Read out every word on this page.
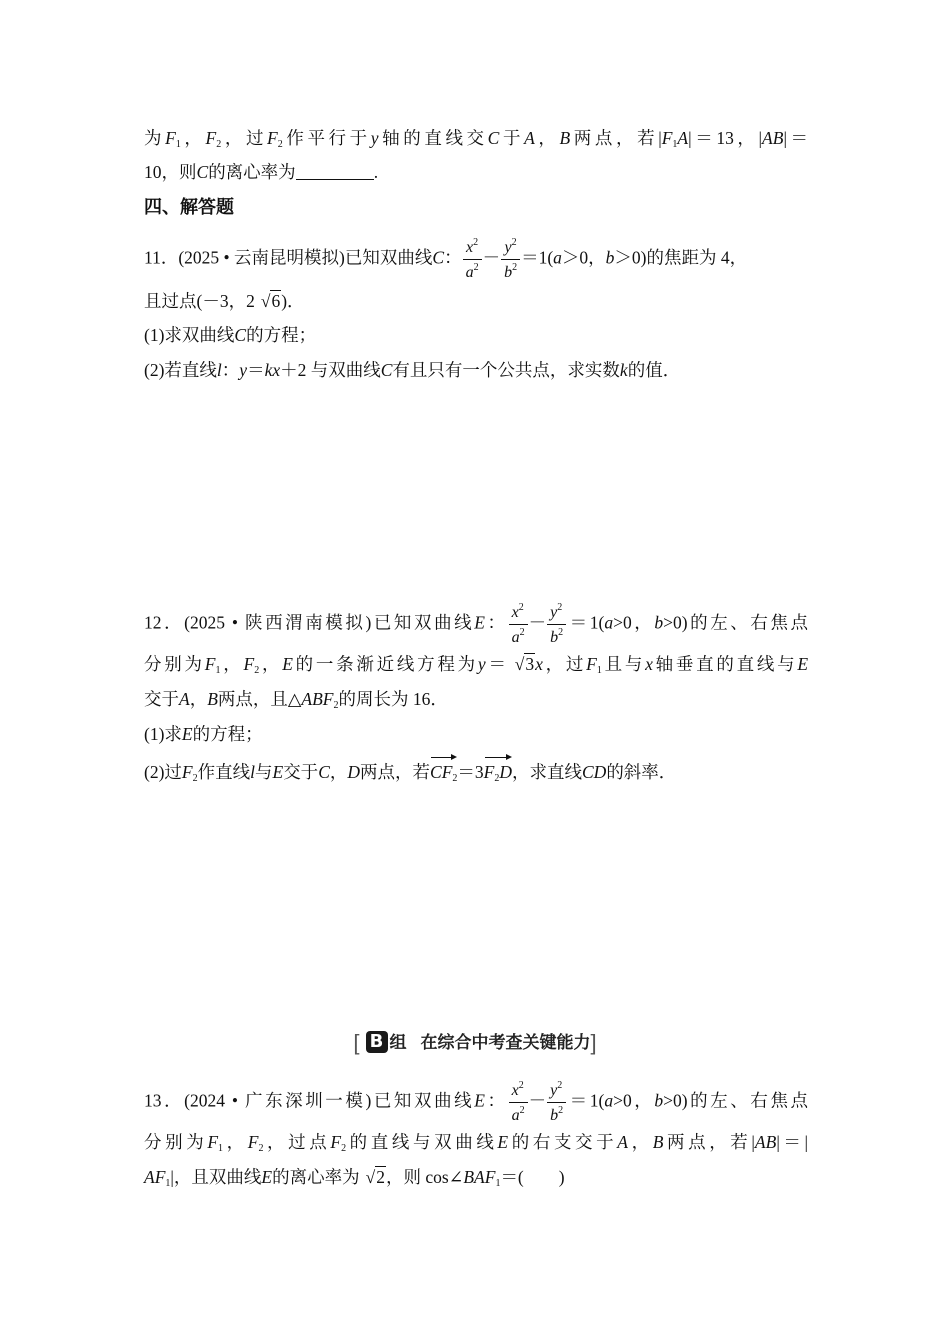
为$F_1$，$F_2$，过$F_2$作平行于y轴的直线交C于A，B两点，若$|F_1A|=13$，|AB|＝
10，则C的离心率为	.
四、解答题
11．(2025 • 云南昆明模拟)已知双曲线C： $\frac{x^2}{a^2} - \frac{y^2}{b^2} =1(a>0$，b＞0)的焦距为 4，
且过点(－3，2 √6)．
(1)求双曲线C的方程；
(2)若直线l：y＝kx＋2 与双曲线C有且只有一个公共点，求实数k的值．
12．(2025 • 陕西渭南模拟)已知双曲线E： $\frac{x^2}{a^2} - \frac{y^2}{b^2} =1(a>0$，b>0)的左、右焦点
分别为$F_1$，$F_2$，E的一条渐近线方程为y＝ √3x，过$F_1$且与x轴垂直的直线与E
交于A，B两点，且$\triangle ABF_2$的周长为 16．
(1)求E的方程；
(2)过$F_2$作直线l与E交于C，D两点，若$CF_2=3F_2D$，求直线CD的斜率．
[ B 组 在综合中考查关键能力]
13．(2024 • 广东深圳一模)已知双曲线E： $\frac{x^2}{a^2} - \frac{y^2}{b^2} =1(a>0$，b>0)的左、右焦点
分别为$F_1$，$F_2$，过点$F_2$的直线与双曲线E的右支交于A，B两点，若|AB|＝|
$AF_1|$，且双曲线E的离心率为 √2，则 $\cos\angle BAF_1=$(　　)
